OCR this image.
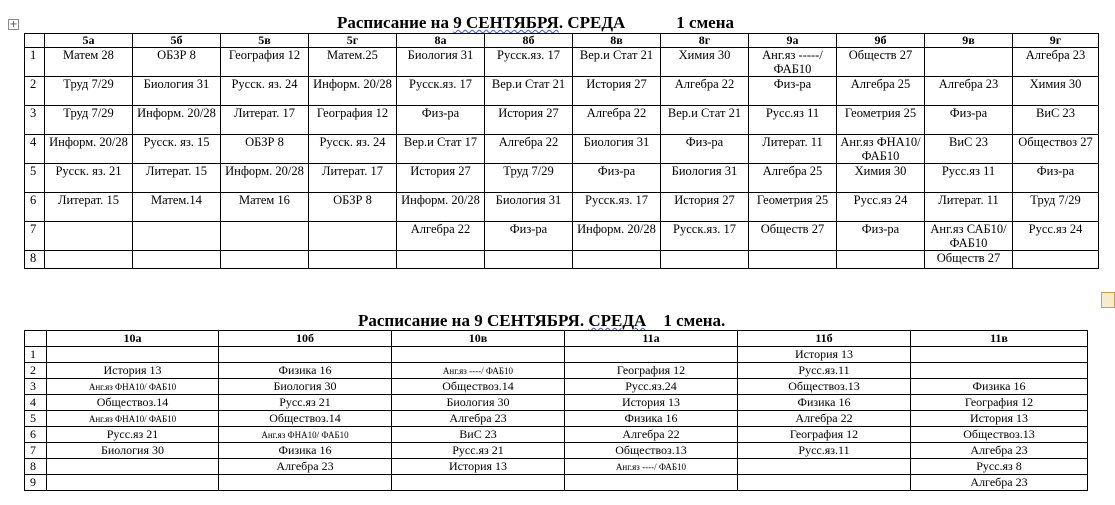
+	Расписание на 9 СЕНТЯБРЯ. СРЕДА            1 смена
	5а	5б	5в	5г	8а	8б	8в	8г	9а	9б	9в	9г
1	Матем 28	ОБЗР 8	География 12	Матем.25	Биология 31	Русск.яз. 17	Вер.и Стат 21	Химия 30	Анг.яз -----/ ФАБ10	Обществ 27		Алгебра 23
2	Труд 7/29	Биология 31	Русск. яз. 24	Информ. 20/28	Русск.яз. 17	Вер.и Стат 21	История 27	Алгебра 22	Физ-ра	Алгебра 25	Алгебра 23	Химия 30
3	Труд 7/29	Информ. 20/28	Литерат. 17	География 12	Физ-ра	История 27	Алгебра 22	Вер.и Стат 21	Русс.яз 11	Геометрия 25	Физ-ра	ВиС 23
4	Информ. 20/28	Русск. яз. 15	ОБЗР 8	Русск. яз. 24	Вер.и Стат 17	Алгебра 22	Биология 31	Физ-ра	Литерат. 11	Анг.яз ФНА10/ ФАБ10	ВиС 23	Обществоз 27
5	Русск. яз. 21	Литерат. 15	Информ. 20/28	Литерат. 17	История 27	Труд 7/29	Физ-ра	Биология 31	Алгебра 25	Химия 30	Русс.яз 11	Физ-ра
6	Литерат. 15	Матем.14	Матем 16	ОБЗР 8	Информ. 20/28	Биология 31	Русск.яз. 17	История 27	Геометрия 25	Русс.яз 24	Литерат. 11	Труд 7/29
7					Алгебра 22	Физ-ра	Информ. 20/28	Русск.яз. 17	Обществ 27	Физ-ра	Анг.яз САБ10/ ФАБ10	Русс.яз 24
8											Обществ 27	
Расписание на 9 СЕНТЯБРЯ. СРЕДА    1 смена.
	10а	10б	10в	11а	11б	11в
1					История 13	
2	История 13	Физика 16	Анг.яз ----/ ФАБ10	География 12	Русс.яз.11	
3	Анг.яз ФНА10/ ФАБ10	Биология 30	Обществоз.14	Русс.яз.24	Обществоз.13	Физика 16
4	Обществоз.14	Русс.яз 21	Биология 30	История 13	Физика 16	География 12
5	Анг.яз ФНА10/ ФАБ10	Обществоз.14	Алгебра 23	Физика 16	Алгебра 22	История 13
6	Русс.яз 21	Анг.яз ФНА10/ ФАБ10	ВиС 23	Алгебра 22	География 12	Обществоз.13
7	Биология 30	Физика 16	Русс.яз 21	Обществоз.13	Русс.яз.11	Алгебра 23
8		Алгебра 23	История 13	Анг.яз ----/ ФАБ10		Русс.яз 8
9						Алгебра 23
